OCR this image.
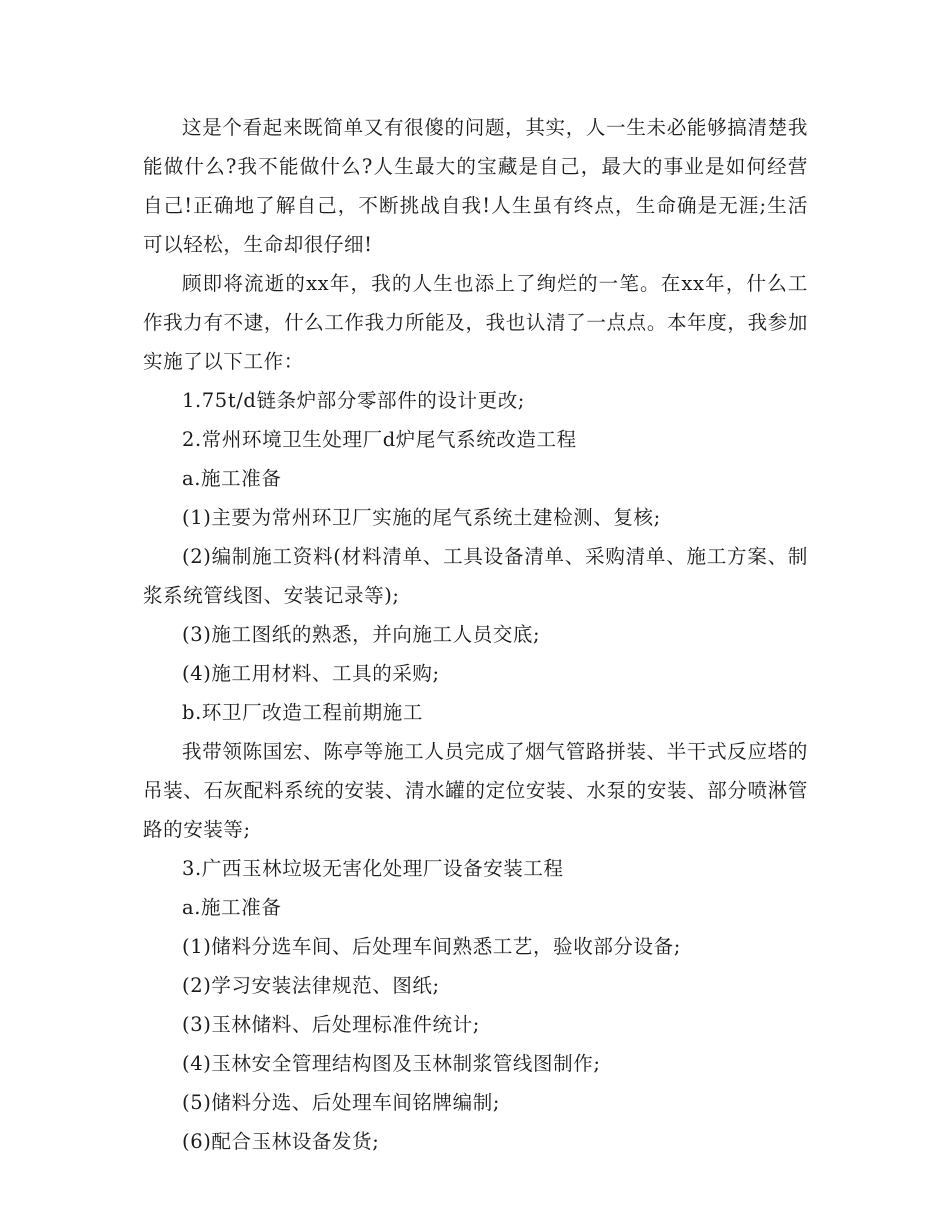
这是个看起来既简单又有很傻的问题，其实，人一生未必能够搞清楚我能做什么?我不能做什么?人生最大的宝藏是自己，最大的事业是如何经营自己!正确地了解自己，不断挑战自我!人生虽有终点，生命确是无涯;生活可以轻松，生命却很仔细!

顾即将流逝的xx年，我的人生也添上了绚烂的一笔。在xx年，什么工作我力有不逮，什么工作我力所能及，我也认清了一点点。本年度，我参加实施了以下工作：

1.75t/d链条炉部分零部件的设计更改;

2.常州环境卫生处理厂d炉尾气系统改造工程

a.施工准备

(1)主要为常州环卫厂实施的尾气系统土建检测、复核;

(2)编制施工资料(材料清单、工具设备清单、采购清单、施工方案、制浆系统管线图、安装记录等);

(3)施工图纸的熟悉，并向施工人员交底;

(4)施工用材料、工具的采购;

b.环卫厂改造工程前期施工

我带领陈国宏、陈亭等施工人员完成了烟气管路拼装、半干式反应塔的吊装、石灰配料系统的安装、清水罐的定位安装、水泵的安装、部分喷淋管路的安装等;

3.广西玉林垃圾无害化处理厂设备安装工程

a.施工准备

(1)储料分选车间、后处理车间熟悉工艺，验收部分设备;

(2)学习安装法律规范、图纸;

(3)玉林储料、后处理标准件统计;

(4)玉林安全管理结构图及玉林制浆管线图制作;

(5)储料分选、后处理车间铭牌编制;

(6)配合玉林设备发货;
